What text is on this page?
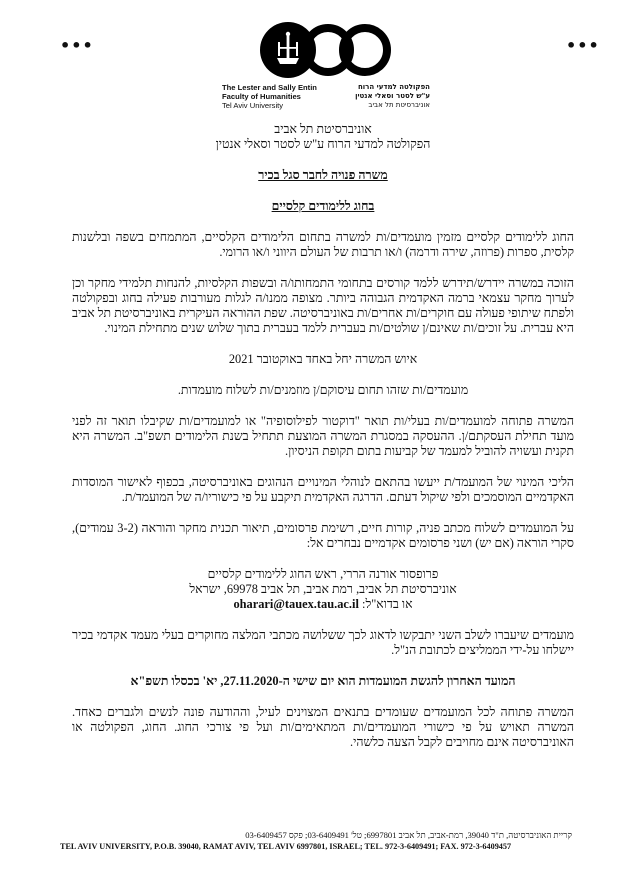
•••	•••
The Lester and Sally Entin
Faculty of Humanities
Tel Aviv University
הפקולטה למדעי הרוח
ע"ש לסטר וסאלי אנטין
אוניברסיטת תל אביב

אוניברסיטת תל אביב

הפקולטה למדעי הרוח ע"ש לסטר וסאלי אנטין

משרה פנויה לחבר סגל בכיר

בחוג ללימודים קלסיים

החוג ללימודים קלסיים מזמין מועמדים/ות למשרה בתחום הלימודים הקלסיים, המתמחים בשפה ובלשנות קלסית, ספרות (פרוזה, שירה ודרמה) ו/או תרבות של העולם היווני ו/או הרומי.

הזוכה במשרה יידרש/תידרש ללמד קורסים בתחומי התמחותו/ה ובשפות הקלסיות, להנחות תלמידי מחקר וכן לערוך מחקר עצמאי ברמה האקדמית הגבוהה ביותר. מצופה ממנו/ה לגלות מעורבות פעילה בחוג ובפקולטה ולפתח שיתופי פעולה עם חוקרים/ות אחרים/ות באוניברסיטה. שפת ההוראה העיקרית באוניברסיטת תל אביב היא עברית. על זוכים/ות שאינם/ן שולטים/ות בעברית ללמד בעברית בתוך שלוש שנים מתחילת המינוי.

איוש המשרה יחל באחד באוקטובר 2021

מועמדים/ות שזהו תחום עיסוקם/ן מוזמנים/ות לשלוח מועמדות.

המשרה פתוחה למועמדים/ות בעלי/ות תואר "דוקטור לפילוסופיה" או למועמדים/ות שקיבלו תואר זה לפני מועד תחילת העסקתם/ן. ההעסקה במסגרת המשרה המוצעת תתחיל בשנת הלימודים תשפ"ב. המשרה היא תקנית ועשויה להוביל למעמד של קביעות בתום תקופת הניסיון.

הליכי המינוי של המועמד/ת ייעשו בהתאם לנוהלי המינויים הנהוגים באוניברסיטה, בכפוף לאישור המוסדות האקדמיים המוסמכים ולפי שיקול דעתם. הדרגה האקדמית תיקבע על פי כישוריו/ה של המועמד/ת.

על המועמדים לשלוח מכתב פניה, קורות חיים, רשימת פרסומים, תיאור תכנית מחקר והוראה (3-2 עמודים), סקרי הוראה (אם יש) ושני פרסומים אקדמיים נבחרים אל:

פרופסור אורנה הררי, ראש החוג ללימודים קלסיים

אוניברסיטת תל אביב, רמת אביב, תל אביב 69978, ישראל

או בדוא"ל: oharari@tauex.tau.ac.il

מועמדים שיעברו לשלב השני יתבקשו לדאוג לכך ששלושה מכתבי המלצה מחוקרים בעלי מעמד אקדמי בכיר יישלחו על-ידי הממליצים לכתובת הנ"ל.

המועד האחרון להגשת המועמדות הוא יום שישי ה-27.11.2020, יא' בכסלו תשפ"א

המשרה פתוחה לכל המועמדים שעומדים בתנאים המצוינים לעיל, וההודעה פונה לנשים ולגברים כאחד. המשרה תאויש על פי כישורי המועמדים/ות המתאימים/ות ועל פי צורכי החוג. החוג, הפקולטה או האוניברסיטה אינם מחויבים לקבל הצעה כלשהי.

קריית האוניברסיטה, ת"ד 39040, רמת-אביב, תל אביב 6997801; טל' 03-6409491; פקס 03-6409457
TEL AVIV UNIVERSITY, P.O.B. 39040, RAMAT AVIV, TEL AVIV 6997801, ISRAEL; TEL. 972-3-6409491; FAX. 972-3-6409457
